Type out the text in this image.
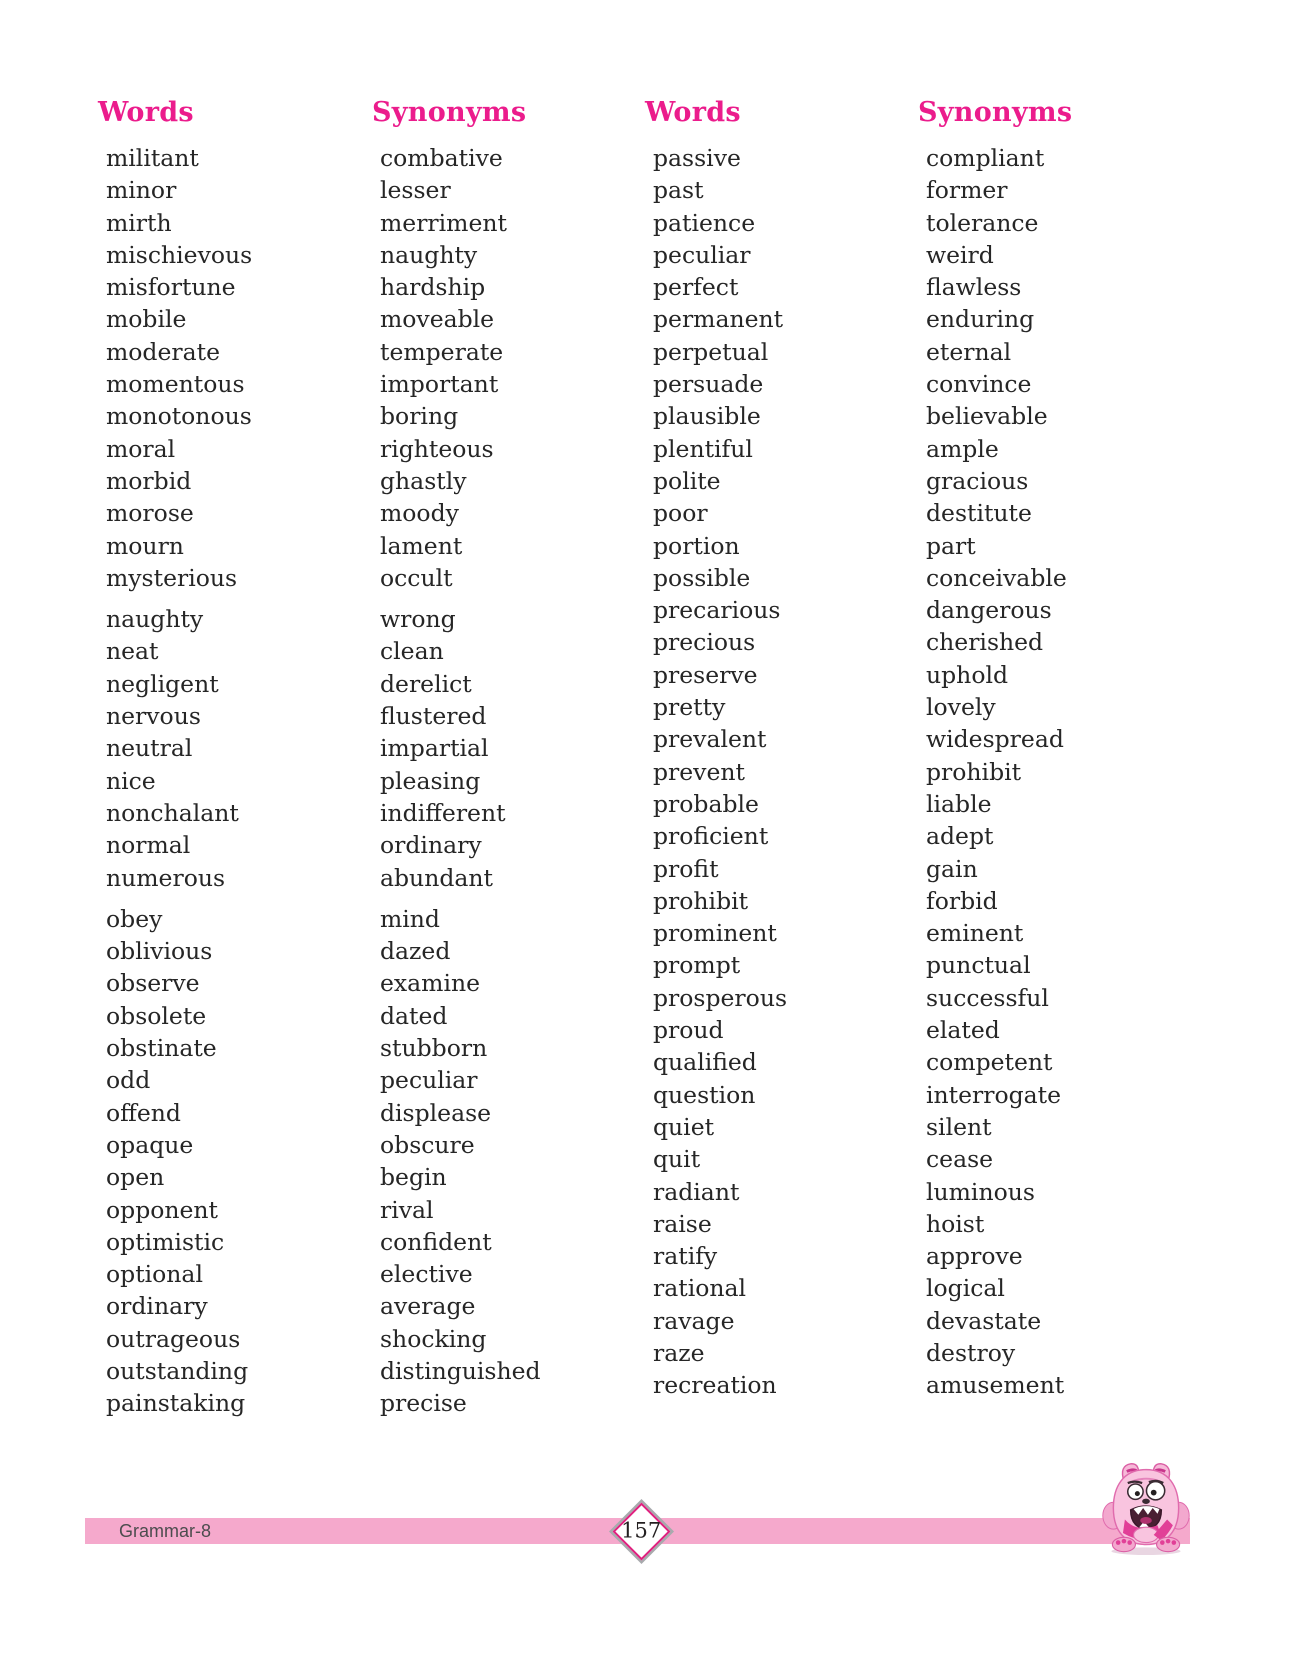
Words
militant
minor
mirth
mischievous
misfortune
mobile
moderate
momentous
monotonous
moral
morbid
morose
mourn
mysterious
naughty
neat
negligent
nervous
neutral
nice
nonchalant
normal
numerous
obey
oblivious
observe
obsolete
obstinate
odd
offend
opaque
open
opponent
optimistic
optional
ordinary
outrageous
outstanding
painstaking
Synonyms
combative
lesser
merriment
naughty
hardship
moveable
temperate
important
boring
righteous
ghastly
moody
lament
occult
wrong
clean
derelict
flustered
impartial
pleasing
indifferent
ordinary
abundant
mind
dazed
examine
dated
stubborn
peculiar
displease
obscure
begin
rival
confident
elective
average
shocking
distinguished
precise
Words
passive
past
patience
peculiar
perfect
permanent
perpetual
persuade
plausible
plentiful
polite
poor
portion
possible
precarious
precious
preserve
pretty
prevalent
prevent
probable
proficient
profit
prohibit
prominent
prompt
prosperous
proud
qualified
question
quiet
quit
radiant
raise
ratify
rational
ravage
raze
recreation
Synonyms
compliant
former
tolerance
weird
flawless
enduring
eternal
convince
believable
ample
gracious
destitute
part
conceivable
dangerous
cherished
uphold
lovely
widespread
prohibit
liable
adept
gain
forbid
eminent
punctual
successful
elated
competent
interrogate
silent
cease
luminous
hoist
approve
logical
devastate
destroy
amusement
Grammar-8	157
